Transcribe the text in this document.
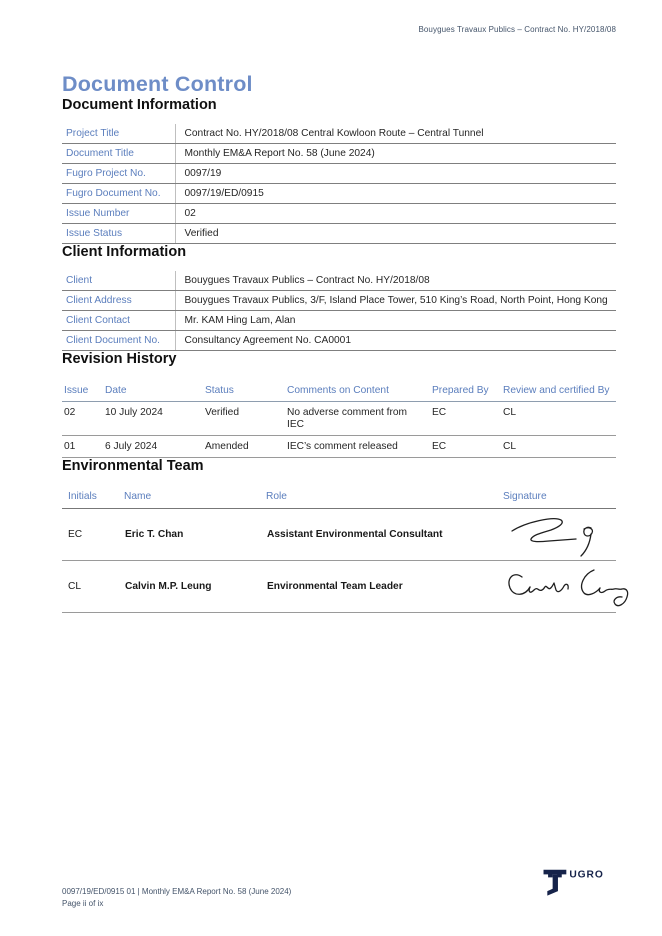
Bouygues Travaux Publics – Contract No. HY/2018/08
Document Control
Document Information
Project Title	Contract No. HY/2018/08 Central Kowloon Route – Central Tunnel
Document Title	Monthly EM&A Report No. 58 (June 2024)
Fugro Project No.	0097/19
Fugro Document No.	0097/19/ED/0915
Issue Number	02
Issue Status	Verified
Client Information
Client	Bouygues Travaux Publics – Contract No. HY/2018/08
Client Address	Bouygues Travaux Publics, 3/F, Island Place Tower, 510 King’s Road, North Point, Hong Kong
Client Contact	Mr. KAM Hing Lam, Alan
Client Document No.	Consultancy Agreement No. CA0001
Revision History
Issue	Date	Status	Comments on Content	Prepared By	Review and certified By
02	10 July 2024	Verified	No adverse comment from IEC	EC	CL
01	6 July 2024	Amended	IEC’s comment released	EC	CL
Environmental Team
Initials	Name	Role	Signature
EC	Eric T. Chan	Assistant Environmental Consultant	

CL	Calvin M.P. Leung	Environmental Team Leader	
0097/19/ED/0915 01 | Monthly EM&A Report No. 58 (June 2024)
Page ii of ix
UGRO
